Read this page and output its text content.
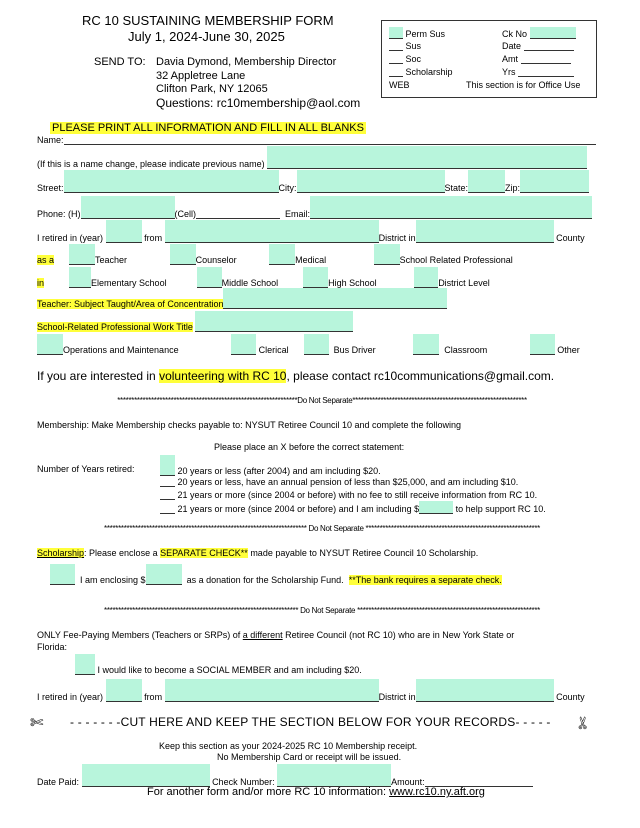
RC 10 SUSTAINING MEMBERSHIP FORM
July 1, 2024-June 30, 2025
SEND TO: Davia Dymond, Membership Director
32 Appletree Lane
Clifton Park, NY 12065
Questions: rc10membership@aol.com
Perm Sus	Ck No
Sus	Date
Soc	Amt
Scholarship	Yrs
WEB	This section is for Office Use
PLEASE PRINT ALL INFORMATION AND FILL IN ALL BLANKS
Name:
(If this is a name change, please indicate previous name)
Street:	City:	State:	Zip:
Phone: (H)	(Cell)	Email:
I retired in (year)	from	District in	County
as a	Teacher	Counselor	Medical	School Related Professional
in	Elementary School	Middle School	High School	District Level
Teacher: Subject Taught/Area of Concentration
School-Related Professional Work Title
Operations and Maintenance	Clerical	Bus Driver	Classroom	Other
If you are interested in volunteering with RC 10, please contact rc10communications@gmail.com.
****************************************************************Do Not Separate**************************************************************
Membership: Make Membership checks payable to: NYSUT Retiree Council 10 and complete the following
Please place an X before the correct statement:
Number of Years retired:	20 years or less (after 2004) and am including $20.
20 years or less, have an annual pension of less than $25,000, and am including $10.
21 years or more (since 2004 or before) with no fee to still receive information from RC 10.
21 years or more (since 2004 or before) and I am including $	to help support RC 10.
************************************************************************ Do Not Separate **************************************************************
Scholarship: Please enclose a SEPARATE CHECK** made payable to NYSUT Retiree Council 10 Scholarship.
I am enclosing $	as a donation for the Scholarship Fund. **The bank requires a separate check.
********************************************************************* Do Not Separate *****************************************************************
ONLY Fee-Paying Members (Teachers or SRPs) of a different Retiree Council (not RC 10) who are in New York State or
Florida:
I would like to become a SOCIAL MEMBER and am including $20.
I retired in (year)	from	District in	County
✄ - - - - - - -CUT HERE AND KEEP THE SECTION BELOW FOR YOUR RECORDS- - - - - ✄
Keep this section as your 2024-2025 RC 10 Membership receipt.
No Membership Card or receipt will be issued.
Date Paid:	Check Number:	Amount:
For another form and/or more RC 10 information: www.rc10.ny.aft.org
